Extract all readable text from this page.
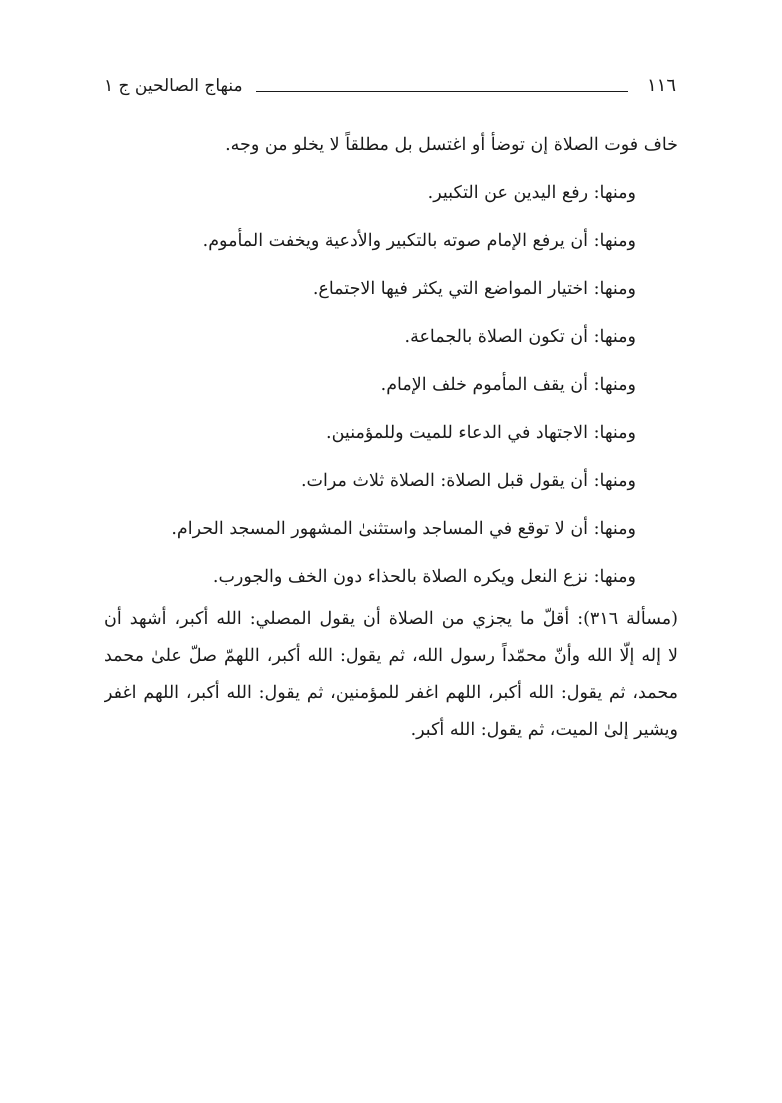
١١٦
منهاج الصالحين ج ١
خاف فوت الصلاة إن توضأ أو اغتسل بل مطلقاً لا يخلو من وجه.
ومنها: رفع اليدين عن التكبير.
ومنها: أن يرفع الإمام صوته بالتكبير والأدعية ويخفت المأموم.
ومنها: اختيار المواضع التي يكثر فيها الاجتماع.
ومنها: أن تكون الصلاة بالجماعة.
ومنها: أن يقف المأموم خلف الإمام.
ومنها: الاجتهاد في الدعاء للميت وللمؤمنين.
ومنها: أن يقول قبل الصلاة: الصلاة ثلاث مرات.
ومنها: أن لا توقع في المساجد واستثنىٰ المشهور المسجد الحرام.
ومنها: نزع النعل ويكره الصلاة بالحذاء دون الخف والجورب.
(مسألة ٣١٦): أقلّ ما يجزي من الصلاة أن يقول المصلي: الله أكبر، أشهد أن
لا إله إلّا الله وأنّ محمّداً رسول الله، ثم يقول: الله أكبر، اللهمّ صلّ علىٰ محمد
محمد، ثم يقول: الله أكبر، اللهم اغفر للمؤمنين، ثم يقول: الله أكبر، اللهم اغفر
ويشير إلىٰ الميت، ثم يقول: الله أكبر.
